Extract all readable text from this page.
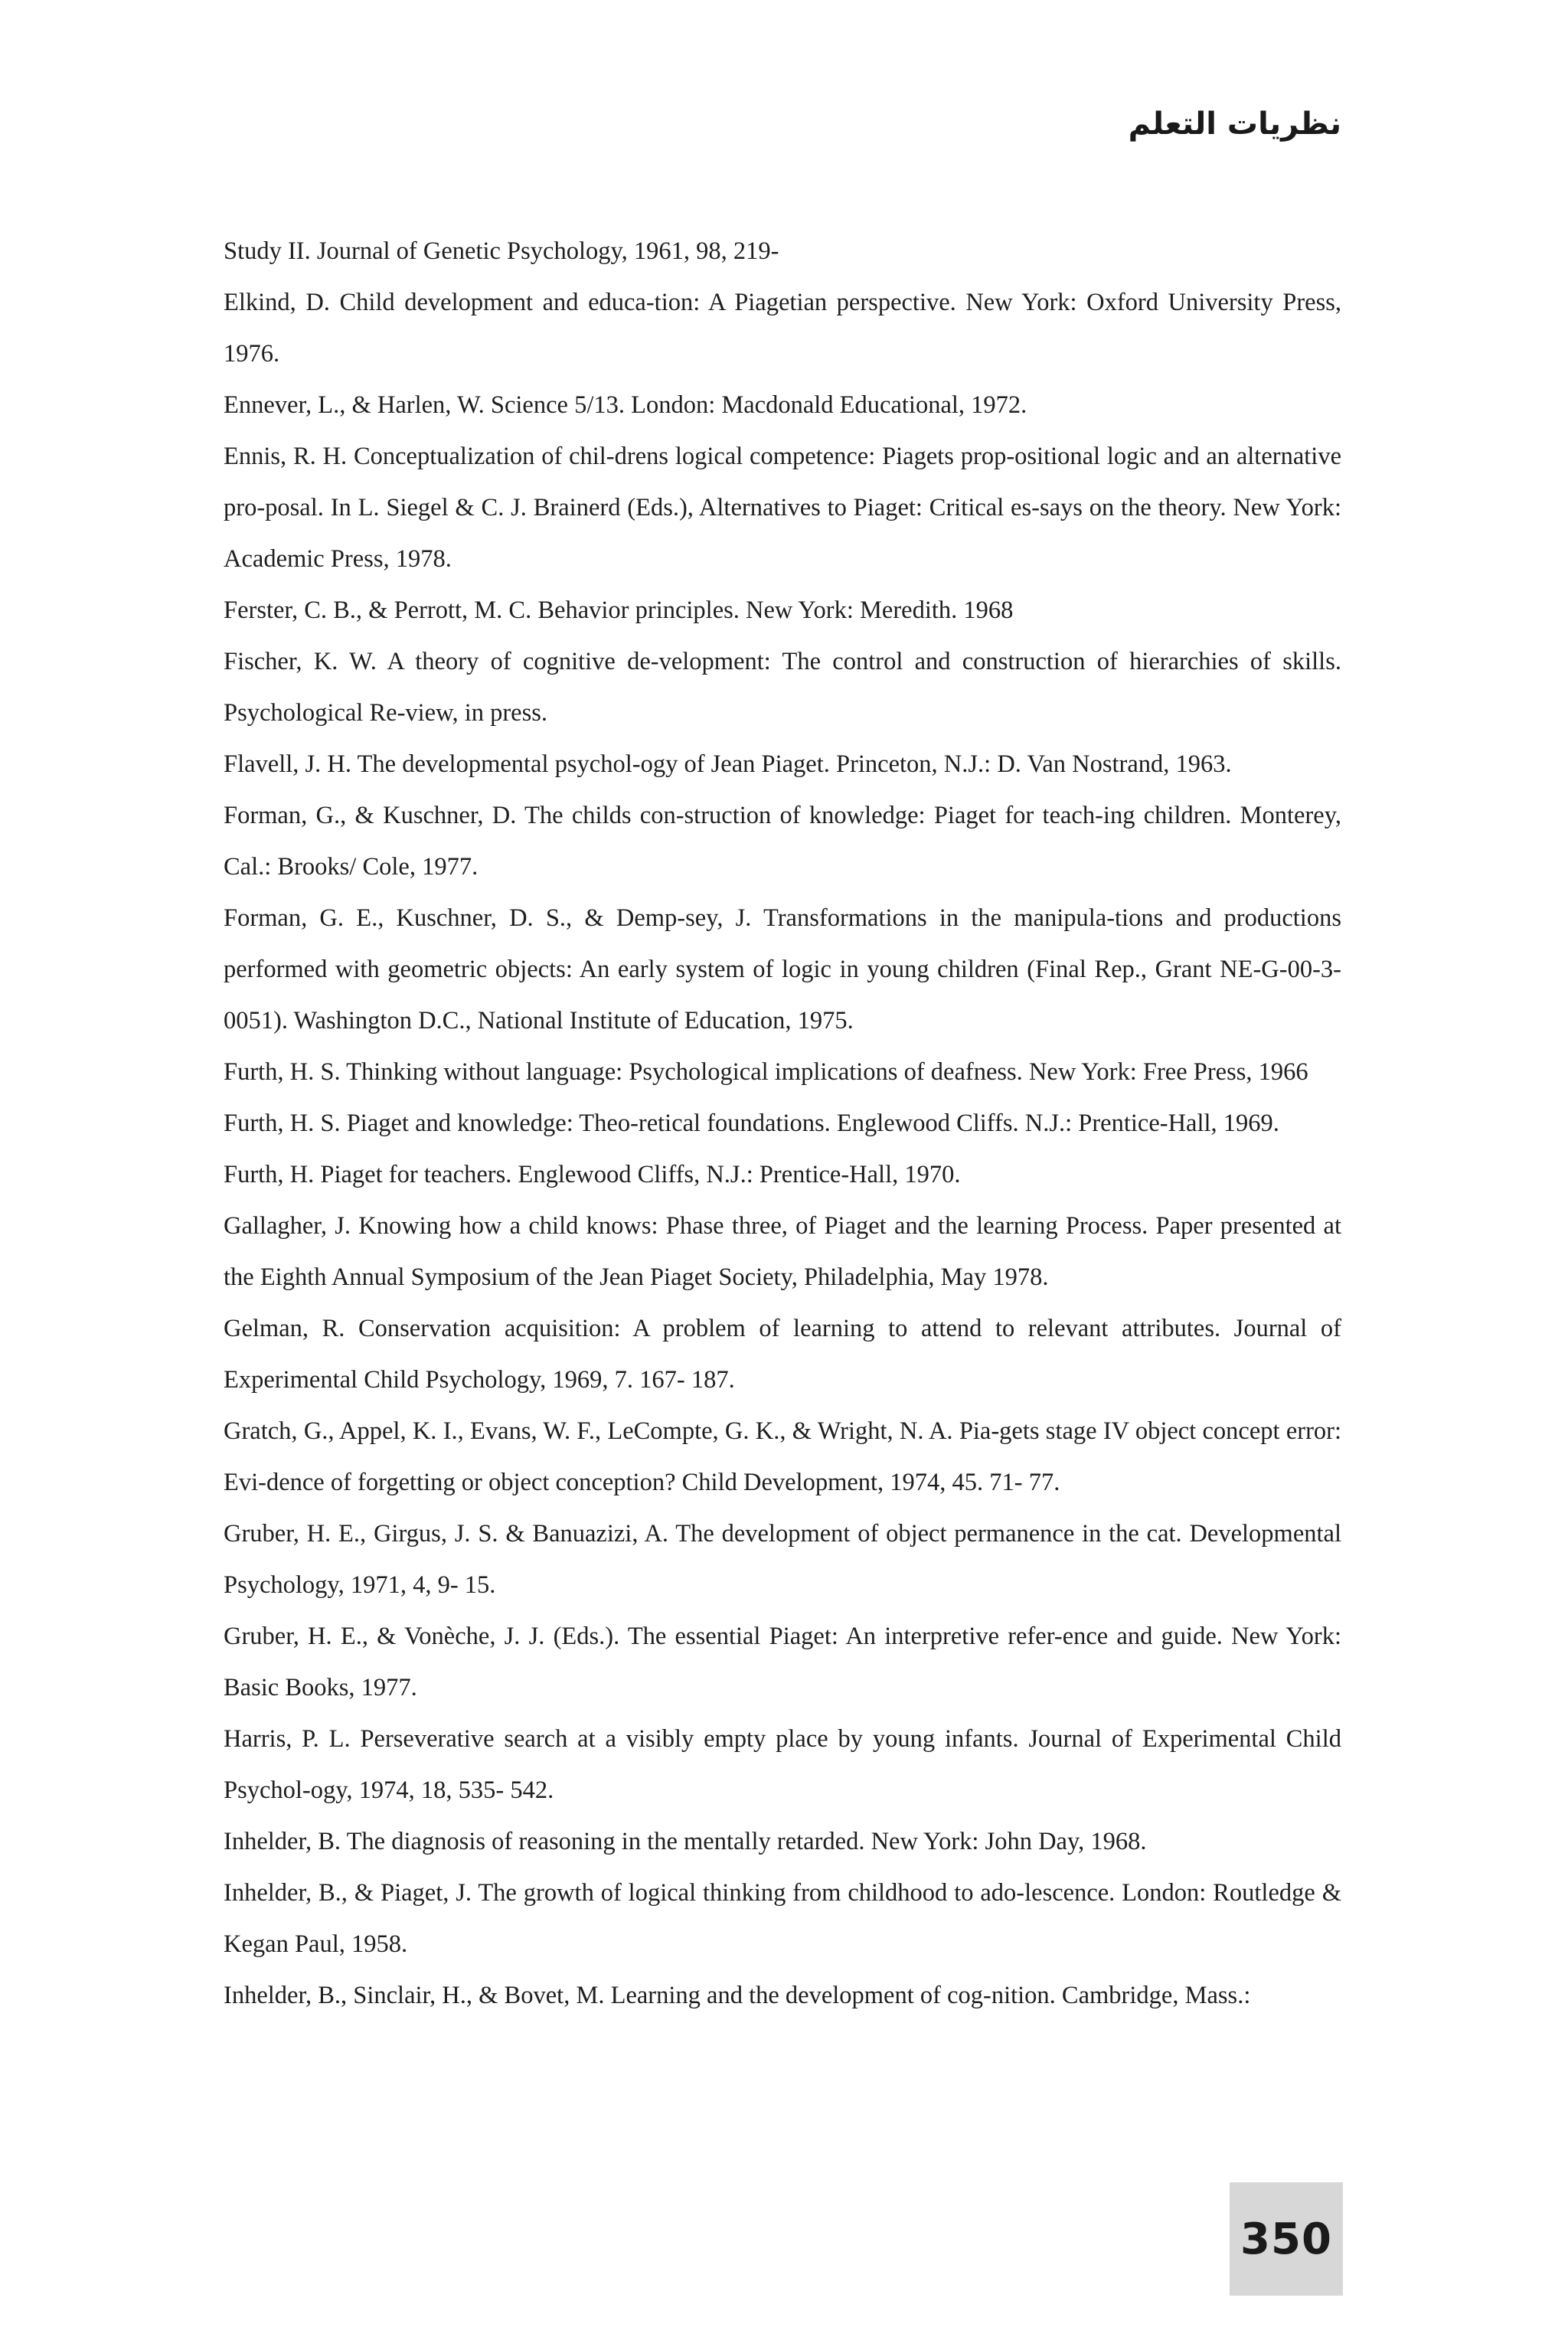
نظريات التعلم

Study II. Journal of Genetic Psychology, 1961, 98, 219-

Elkind, D. Child development and educa-tion: A Piagetian perspective. New York: Oxford University Press, 1976.

Ennever, L., & Harlen, W. Science 5/13. London: Macdonald Educational, 1972.

Ennis, R. H. Conceptualization of chil-drens logical competence: Piagets prop-ositional logic and an alternative pro-posal. In L. Siegel & C. J. Brainerd (Eds.), Alternatives to Piaget: Critical es-says on the theory. New York: Academic Press, 1978.

Ferster, C. B., & Perrott, M. C. Behavior principles. New York: Meredith. 1968

Fischer, K. W. A theory of cognitive de-velopment: The control and construction of hierarchies of skills. Psychological Re-view, in press.

Flavell, J. H. The developmental psychol-ogy of Jean Piaget. Princeton, N.J.: D. Van Nostrand, 1963.

Forman, G., & Kuschner, D. The childs con-struction of knowledge: Piaget for teach-ing children. Monterey, Cal.: Brooks/ Cole, 1977.

Forman, G. E., Kuschner, D. S., & Demp-sey, J. Transformations in the manipula-tions and productions performed with geometric objects: An early system of logic in young children (Final Rep., Grant NE-G-00-3- 0051). Washington D.C., National Institute of Education, 1975.

Furth, H. S. Thinking without language: Psychological implications of deafness. New York: Free Press, 1966

Furth, H. S. Piaget and knowledge: Theo-retical foundations. Englewood Cliffs. N.J.: Prentice-Hall, 1969.

Furth, H. Piaget for teachers. Englewood Cliffs, N.J.: Prentice-Hall, 1970.

Gallagher, J. Knowing how a child knows: Phase three, of Piaget and the learning Process. Paper presented at the Eighth Annual Symposium of the Jean Piaget Society, Philadelphia, May 1978.

Gelman, R. Conservation acquisition: A problem of learning to attend to relevant attributes. Journal of Experimental Child Psychology, 1969, 7. 167- 187.

Gratch, G., Appel, K. I., Evans, W. F., LeCompte, G. K., & Wright, N. A. Pia-gets stage IV object concept error: Evi-dence of forgetting or object conception? Child Development, 1974, 45. 71- 77.

Gruber, H. E., Girgus, J. S. & Banuazizi, A. The development of object permanence in the cat. Developmental Psychology, 1971, 4, 9- 15.

Gruber, H. E., & Vonèche, J. J. (Eds.). The essential Piaget: An interpretive refer-ence and guide. New York: Basic Books, 1977.

Harris, P. L. Perseverative search at a visibly empty place by young infants. Journal of Experimental Child Psychol-ogy, 1974, 18, 535- 542.

Inhelder, B. The diagnosis of reasoning in the mentally retarded. New York: John Day, 1968.

Inhelder, B., & Piaget, J. The growth of logical thinking from childhood to ado-lescence. London: Routledge & Kegan Paul, 1958.

Inhelder, B., Sinclair, H., & Bovet, M. Learning and the development of cog-nition. Cambridge, Mass.:

350
